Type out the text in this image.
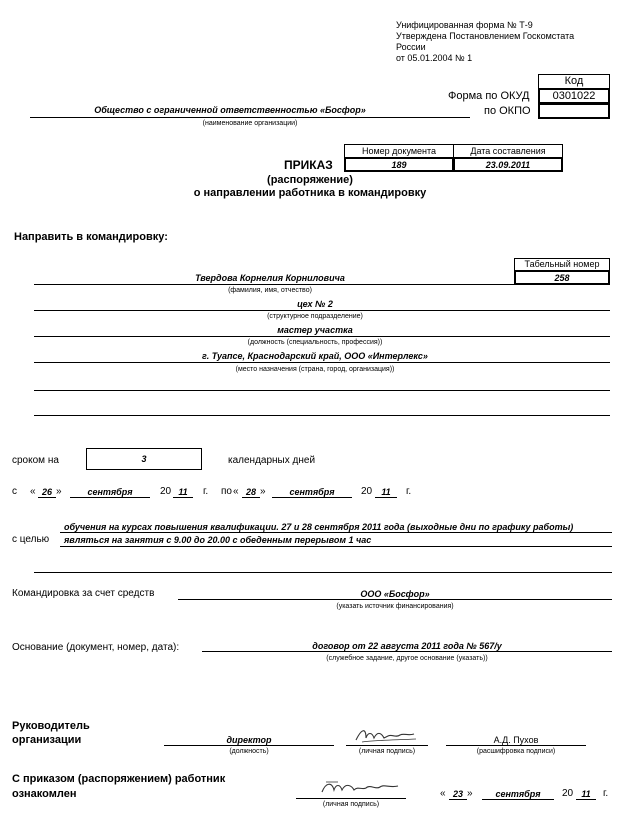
Унифицированная форма № Т-9
Утверждена Постановлением Госкомстата
России
от 05.01.2004 № 1
Код
Форма по ОКУД	0301022
по ОКПО
Общество с ограниченной ответственностью «Босфор»
(наименование организации)
Номер документа	Дата составления
189	23.09.2011
ПРИКАЗ
(распоряжение)
о направлении работника в командировку
Направить в командировку:
Табельный номер
258
Твердова Корнелия Корниловича
(фамилия, имя, отчество)
цех № 2
(структурное подразделение)
мастер участка
(должность (специальность, профессия))
г. Туапсе, Краснодарский край, ООО «Интерлекс»
(место назначения (страна, город, организация))
сроком на	3	календарных дней
с « 26 »	сентября	20 11	г. по « 28 »	сентября	20	11	г.
с целью
обучения на курсах повышения квалификации. 27 и 28 сентября 2011 года (выходные дни по графику работы)
являться на занятия с 9.00 до 20.00 с обеденным перерывом 1 час
Командировка за счет средств	ООО «Босфор»
(указать источник финансирования)
Основание (документ, номер, дата):	договор от 22 августа 2011 года № 567/у
(служебное задание, другое основание (указать))
Руководитель
организации	директор
(должность)	(личная подпись)
А.Д. Пухов
(расшифровка подписи)
С приказом (распоряжением) работник
ознакомлен
(личная подпись)
« 23 »	сентября	20 11	г.
